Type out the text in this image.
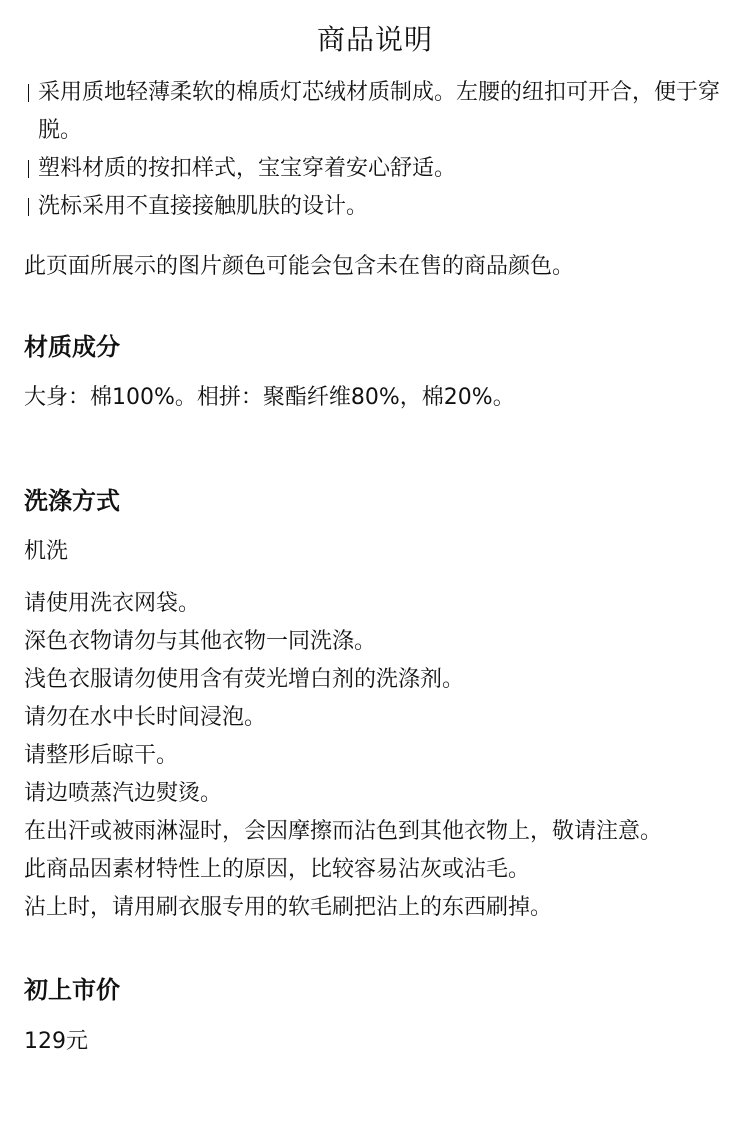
商品说明
采用质地轻薄柔软的棉质灯芯绒材质制成。左腰的纽扣可开合，便于穿脱。
塑料材质的按扣样式，宝宝穿着安心舒适。
洗标采用不直接接触肌肤的设计。

此页面所展示的图片颜色可能会包含未在售的商品颜色。

材质成分

大身：棉100%。相拼：聚酯纤维80%，棉20%。

洗涤方式

机洗

请使用洗衣网袋。

深色衣物请勿与其他衣物一同洗涤。

浅色衣服请勿使用含有荧光增白剂的洗涤剂。

请勿在水中长时间浸泡。

请整形后晾干。

请边喷蒸汽边熨烫。

在出汗或被雨淋湿时，会因摩擦而沾色到其他衣物上，敬请注意。

此商品因素材特性上的原因，比较容易沾灰或沾毛。

沾上时，请用刷衣服专用的软毛刷把沾上的东西刷掉。

初上市价

129元
